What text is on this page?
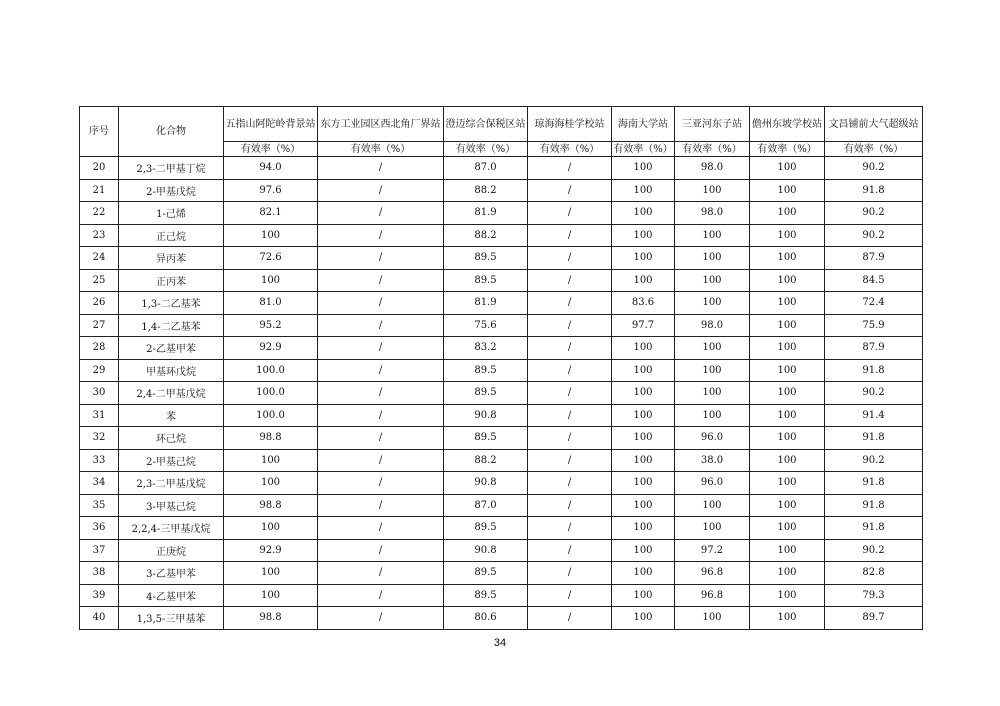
序号	化合物	五指山阿陀岭背景站	东方工业园区西北角厂界站	澄迈综合保税区站	琼海海桂学校站	海南大学站	三亚河东子站	儋州东坡学校站	文昌铺前大气超级站
		有效率（%）	有效率（%）	有效率（%）	有效率（%）	有效率（%）	有效率（%）	有效率（%）	有效率（%）
20	2,3-二甲基丁烷	94.0	/	87.0	/	100	98.0	100	90.2
21	2-甲基戊烷	97.6	/	88.2	/	100	100	100	91.8
22	1-己烯	82.1	/	81.9	/	100	98.0	100	90.2
23	正己烷	100	/	88.2	/	100	100	100	90.2
24	异丙苯	72.6	/	89.5	/	100	100	100	87.9
25	正丙苯	100	/	89.5	/	100	100	100	84.5
26	1,3-二乙基苯	81.0	/	81.9	/	83.6	100	100	72.4
27	1,4-二乙基苯	95.2	/	75.6	/	97.7	98.0	100	75.9
28	2-乙基甲苯	92.9	/	83.2	/	100	100	100	87.9
29	甲基环戊烷	100.0	/	89.5	/	100	100	100	91.8
30	2,4-二甲基戊烷	100.0	/	89.5	/	100	100	100	90.2
31	苯	100.0	/	90.8	/	100	100	100	91.4
32	环己烷	98.8	/	89.5	/	100	96.0	100	91.8
33	2-甲基己烷	100	/	88.2	/	100	38.0	100	90.2
34	2,3-二甲基戊烷	100	/	90.8	/	100	96.0	100	91.8
35	3-甲基己烷	98.8	/	87.0	/	100	100	100	91.8
36	2,2,4-三甲基戊烷	100	/	89.5	/	100	100	100	91.8
37	正庚烷	92.9	/	90.8	/	100	97.2	100	90.2
38	3-乙基甲苯	100	/	89.5	/	100	96.8	100	82.8
39	4-乙基甲苯	100	/	89.5	/	100	96.8	100	79.3
40	1,3,5-三甲基苯	98.8	/	80.6	/	100	100	100	89.7
34
